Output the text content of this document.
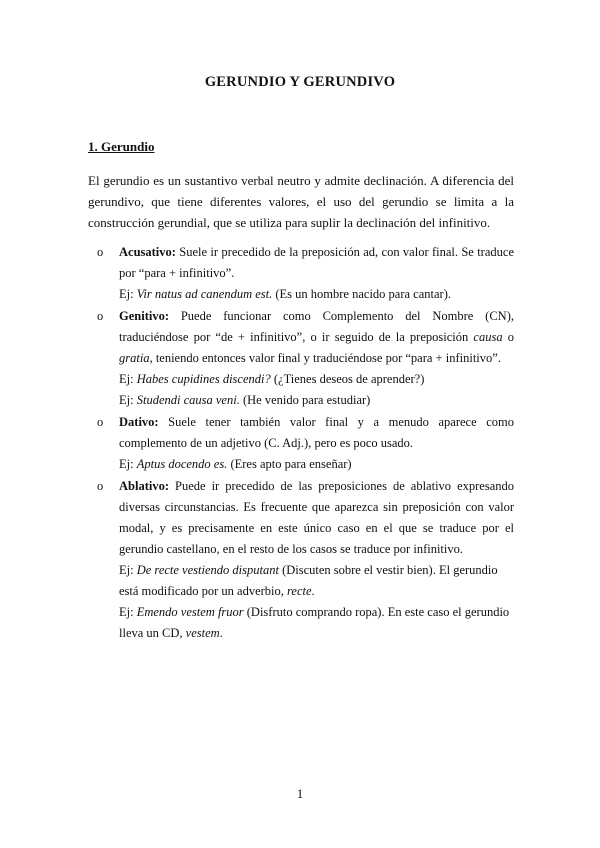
GERUNDIO Y GERUNDIVO
1. Gerundio

El gerundio es un sustantivo verbal neutro y admite declinación. A diferencia del gerundivo, que tiene diferentes valores, el uso del gerundio se limita a la construcción gerundial, que se utiliza para suplir la declinación del infinitivo.

o Acusativo: Suele ir precedido de la preposición ad, con valor final. Se traduce por “para + infinitivo”.

Ej: Vir natus ad canendum est. (Es un hombre nacido para cantar).

o Genitivo: Puede funcionar como Complemento del Nombre (CN), traduciéndose por “de + infinitivo”, o ir seguido de la preposición causa o gratia, teniendo entonces valor final y traduciéndose por “para + infinitivo”.

Ej: Habes cupidines discendi? (¿Tienes deseos de aprender?)

Ej: Studendi causa veni. (He venido para estudiar)

o Dativo: Suele tener también valor final y a menudo aparece como complemento de un adjetivo (C. Adj.), pero es poco usado.

Ej: Aptus docendo es. (Eres apto para enseñar)

o Ablativo: Puede ir precedido de las preposiciones de ablativo expresando diversas circunstancias. Es frecuente que aparezca sin preposición con valor modal, y es precisamente en este único caso en el que se traduce por el gerundio castellano, en el resto de los casos se traduce por infinitivo.

Ej: De recte vestiendo disputant (Discuten sobre el vestir bien). El gerundio está modificado por un adverbio, recte.

Ej: Emendo vestem fruor (Disfruto comprando ropa). En este caso el gerundio lleva un CD, vestem.

1
